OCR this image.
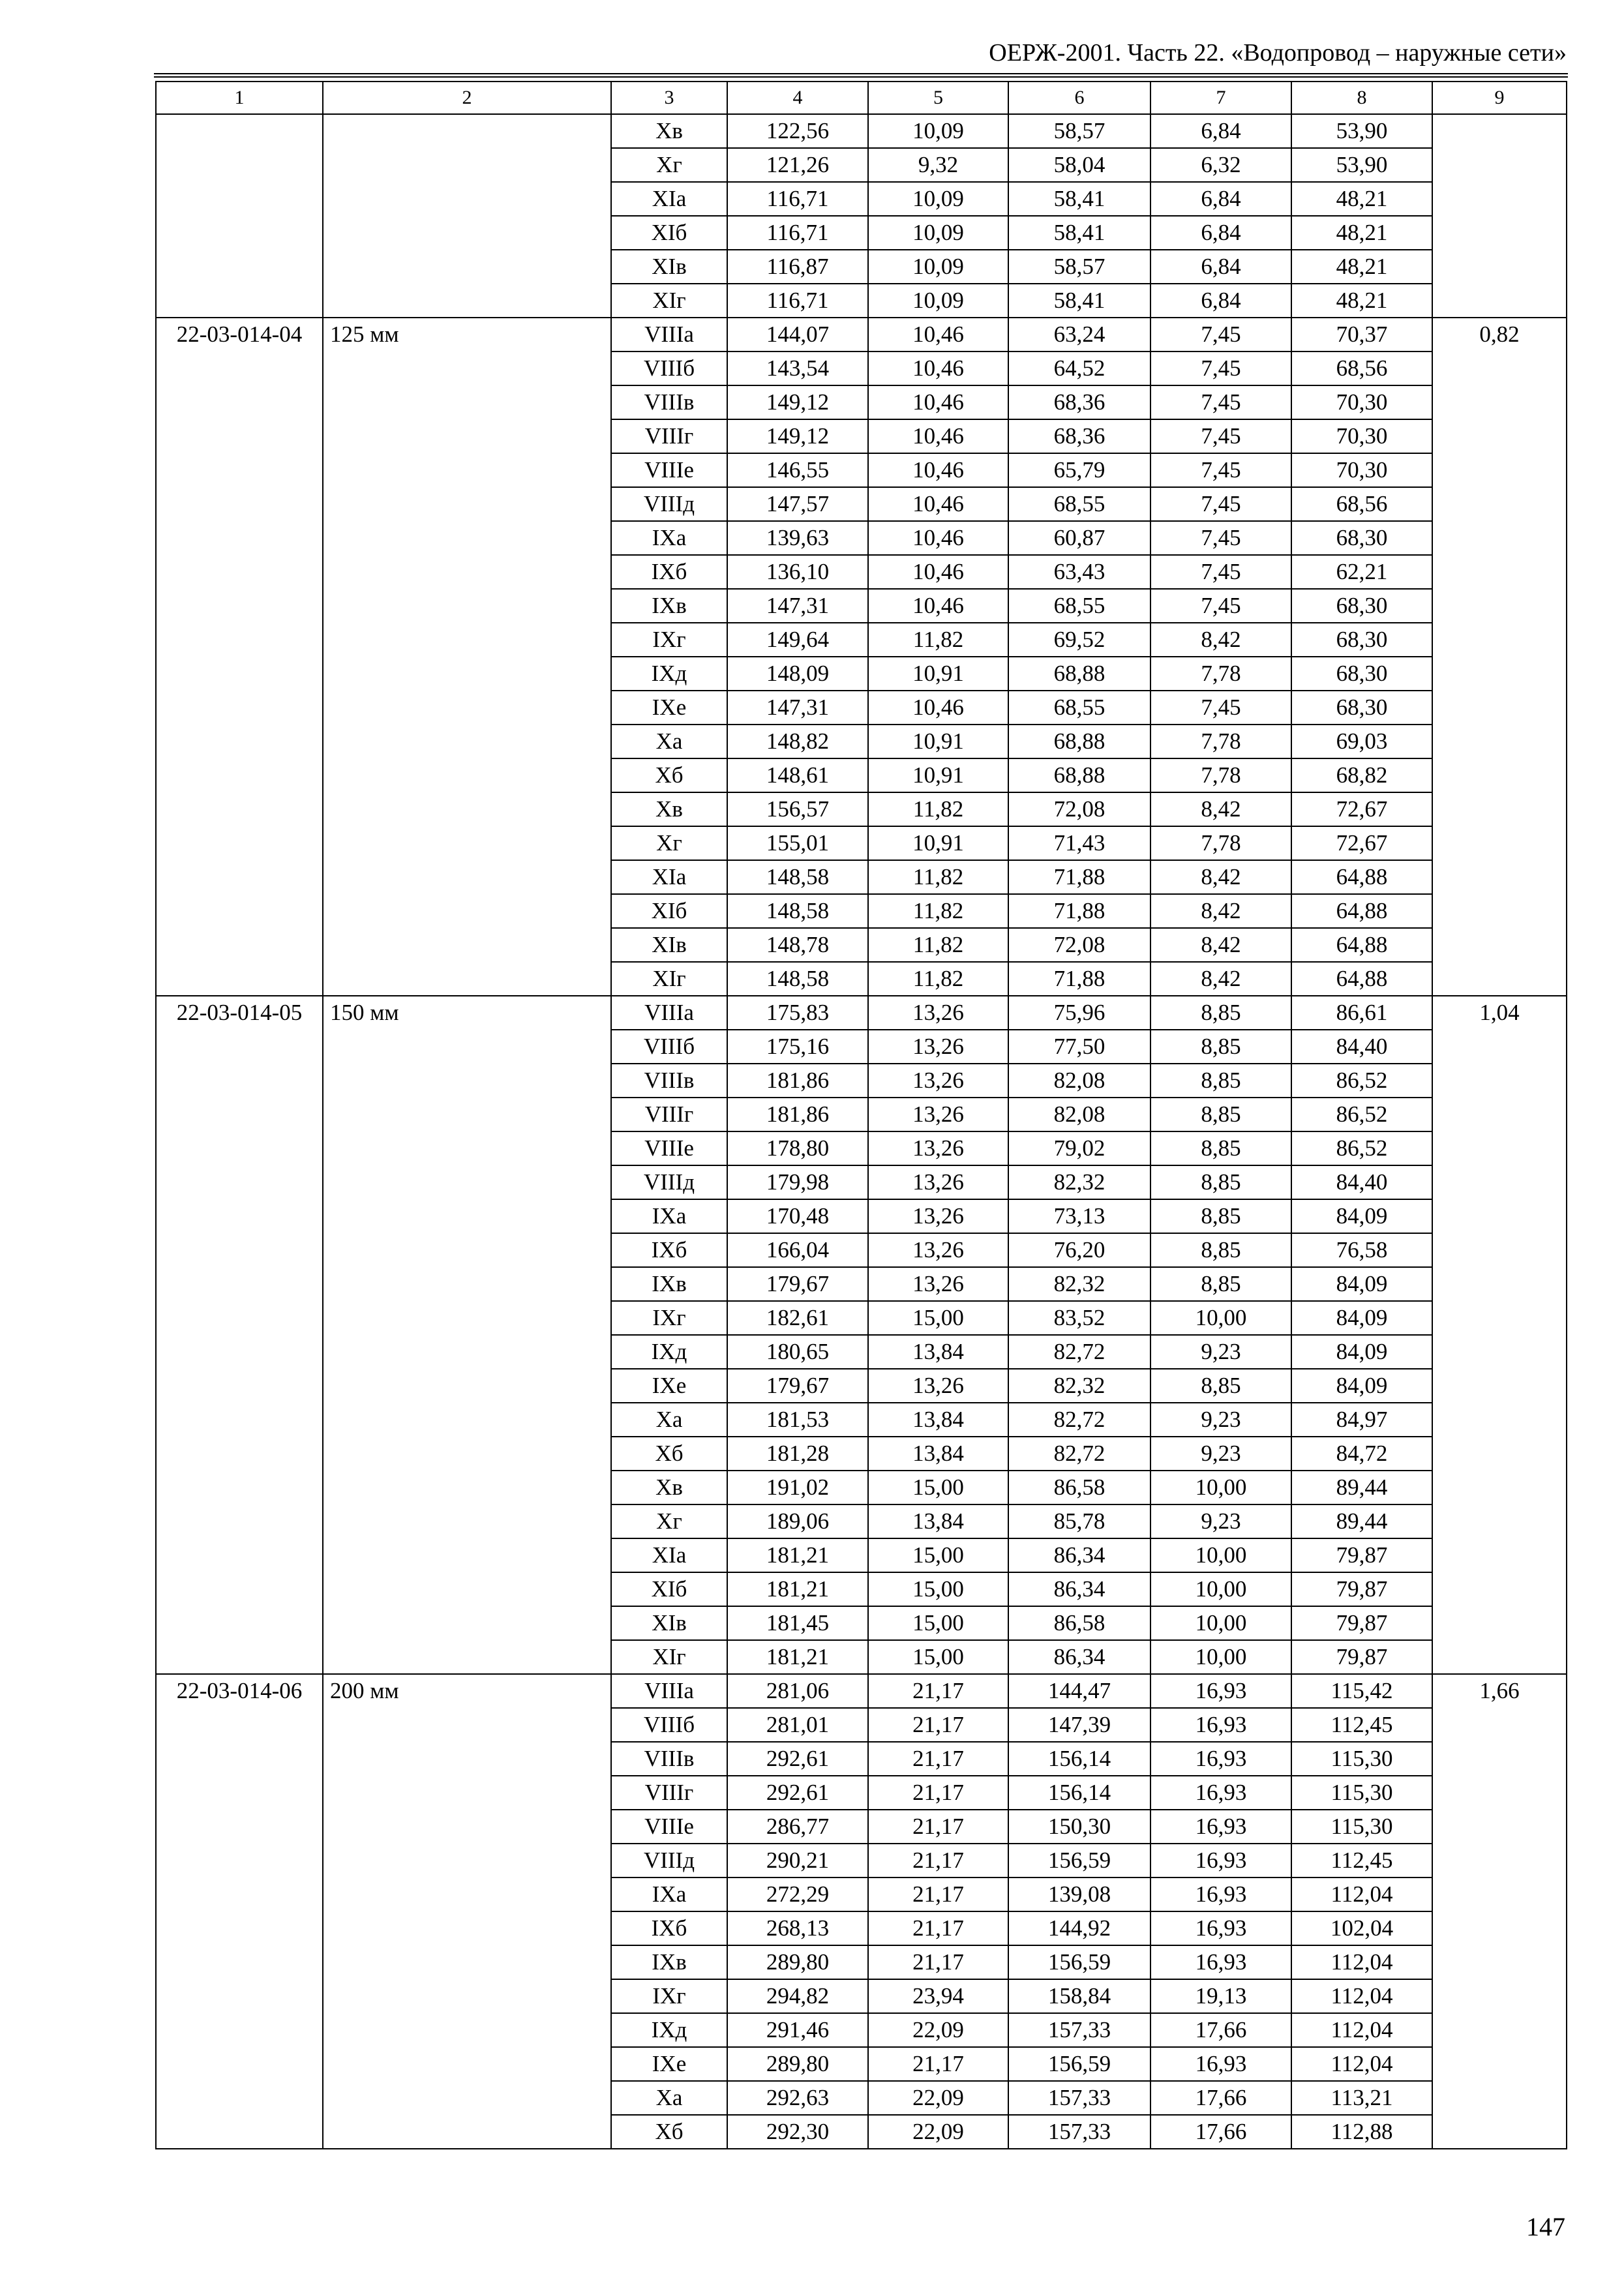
ОЕРЖ-2001. Часть 22. «Водопровод – наружные сети»
1	2	3	4	5	6	7	8	9
		Хв	122,56	10,09	58,57	6,84	53,90	
		Хг	121,26	9,32	58,04	6,32	53,90	
		ХIа	116,71	10,09	58,41	6,84	48,21	
		ХIб	116,71	10,09	58,41	6,84	48,21	
		ХIв	116,87	10,09	58,57	6,84	48,21	
		ХIг	116,71	10,09	58,41	6,84	48,21	
22-03-014-04	125 мм	VIIIа	144,07	10,46	63,24	7,45	70,37	0,82
		VIIIб	143,54	10,46	64,52	7,45	68,56	
		VIIIв	149,12	10,46	68,36	7,45	70,30	
		VIIIг	149,12	10,46	68,36	7,45	70,30	
		VIIIе	146,55	10,46	65,79	7,45	70,30	
		VIIIд	147,57	10,46	68,55	7,45	68,56	
		IХа	139,63	10,46	60,87	7,45	68,30	
		IХб	136,10	10,46	63,43	7,45	62,21	
		IХв	147,31	10,46	68,55	7,45	68,30	
		IХг	149,64	11,82	69,52	8,42	68,30	
		IХд	148,09	10,91	68,88	7,78	68,30	
		IХе	147,31	10,46	68,55	7,45	68,30	
		Ха	148,82	10,91	68,88	7,78	69,03	
		Хб	148,61	10,91	68,88	7,78	68,82	
		Хв	156,57	11,82	72,08	8,42	72,67	
		Хг	155,01	10,91	71,43	7,78	72,67	
		ХIа	148,58	11,82	71,88	8,42	64,88	
		ХIб	148,58	11,82	71,88	8,42	64,88	
		ХIв	148,78	11,82	72,08	8,42	64,88	
		ХIг	148,58	11,82	71,88	8,42	64,88	
22-03-014-05	150 мм	VIIIа	175,83	13,26	75,96	8,85	86,61	1,04
		VIIIб	175,16	13,26	77,50	8,85	84,40	
		VIIIв	181,86	13,26	82,08	8,85	86,52	
		VIIIг	181,86	13,26	82,08	8,85	86,52	
		VIIIе	178,80	13,26	79,02	8,85	86,52	
		VIIIд	179,98	13,26	82,32	8,85	84,40	
		IХа	170,48	13,26	73,13	8,85	84,09	
		IХб	166,04	13,26	76,20	8,85	76,58	
		IХв	179,67	13,26	82,32	8,85	84,09	
		IХг	182,61	15,00	83,52	10,00	84,09	
		IХд	180,65	13,84	82,72	9,23	84,09	
		IХе	179,67	13,26	82,32	8,85	84,09	
		Ха	181,53	13,84	82,72	9,23	84,97	
		Хб	181,28	13,84	82,72	9,23	84,72	
		Хв	191,02	15,00	86,58	10,00	89,44	
		Хг	189,06	13,84	85,78	9,23	89,44	
		ХIа	181,21	15,00	86,34	10,00	79,87	
		ХIб	181,21	15,00	86,34	10,00	79,87	
		ХIв	181,45	15,00	86,58	10,00	79,87	
		ХIг	181,21	15,00	86,34	10,00	79,87	
22-03-014-06	200 мм	VIIIа	281,06	21,17	144,47	16,93	115,42	1,66
		VIIIб	281,01	21,17	147,39	16,93	112,45	
		VIIIв	292,61	21,17	156,14	16,93	115,30	
		VIIIг	292,61	21,17	156,14	16,93	115,30	
		VIIIе	286,77	21,17	150,30	16,93	115,30	
		VIIIд	290,21	21,17	156,59	16,93	112,45	
		IХа	272,29	21,17	139,08	16,93	112,04	
		IХб	268,13	21,17	144,92	16,93	102,04	
		IХв	289,80	21,17	156,59	16,93	112,04	
		IХг	294,82	23,94	158,84	19,13	112,04	
		IХд	291,46	22,09	157,33	17,66	112,04	
		IХе	289,80	21,17	156,59	16,93	112,04	
		Ха	292,63	22,09	157,33	17,66	113,21	
		Хб	292,30	22,09	157,33	17,66	112,88	
147
